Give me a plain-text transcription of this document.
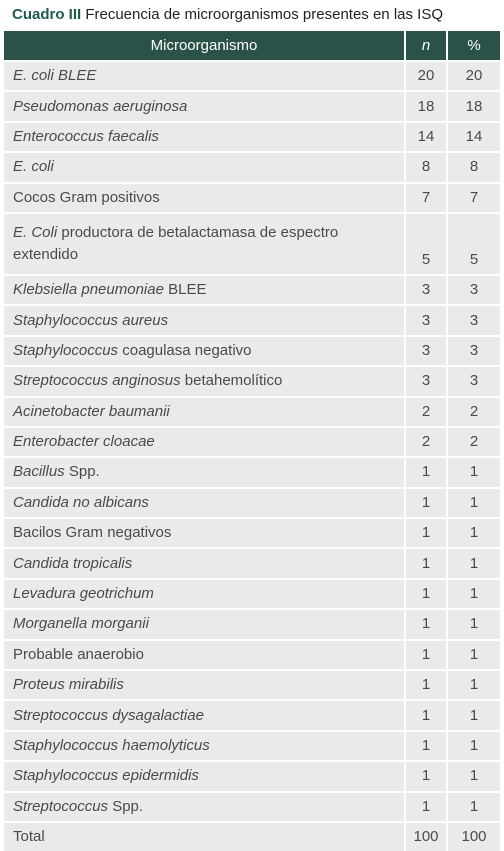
Cuadro III Frecuencia de microorganismos presentes en las ISQ
Microorganismo	n	%
E. coli BLEE	20	20
Pseudomonas aeruginosa	18	18
Enterococcus faecalis	14	14
E. coli	8	8
Cocos Gram positivos	7	7
E. Coli productora de betalactamasa de espectro extendido	5	5
Klebsiella pneumoniae BLEE	3	3
Staphylococcus aureus	3	3
Staphylococcus coagulasa negativo	3	3
Streptococcus anginosus betahemolítico	3	3
Acinetobacter baumanii	2	2
Enterobacter cloacae	2	2
Bacillus Spp.	1	1
Candida no albicans	1	1
Bacilos Gram negativos	1	1
Candida tropicalis	1	1
Levadura geotrichum	1	1
Morganella morganii	1	1
Probable anaerobio	1	1
Proteus mirabilis	1	1
Streptococcus dysagalactiae	1	1
Staphylococcus haemolyticus	1	1
Staphylococcus epidermidis	1	1
Streptococcus Spp.	1	1
Total	100	100
